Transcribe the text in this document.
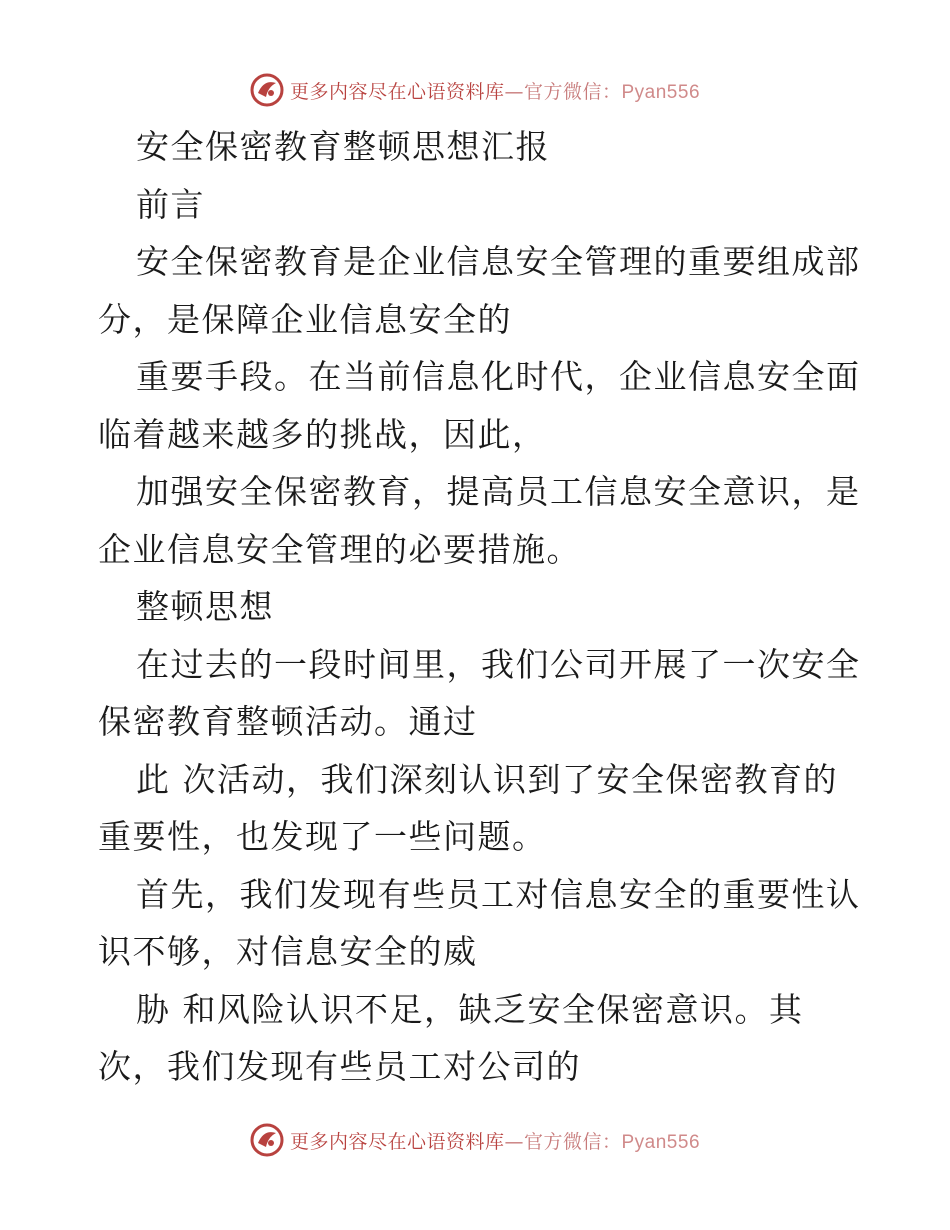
更多内容尽在心语资料库—官方微信：Pyan556
安全保密教育整顿思想汇报
前言
安全保密教育是企业信息安全管理的重要组成部
分，是保障企业信息安全的
重要手段。在当前信息化时代，企业信息安全面
临着越来越多的挑战，因此，
加强安全保密教育，提高员工信息安全意识，是
企业信息安全管理的必要措施。
整顿思想
在过去的一段时间里，我们公司开展了一次安全
保密教育整顿活动。通过
此 次活动，我们深刻认识到了安全保密教育的
重要性，也发现了一些问题。
首先，我们发现有些员工对信息安全的重要性认
识不够，对信息安全的威
胁 和风险认识不足，缺乏安全保密意识。其
次，我们发现有些员工对公司的
更多内容尽在心语资料库—官方微信：Pyan556
